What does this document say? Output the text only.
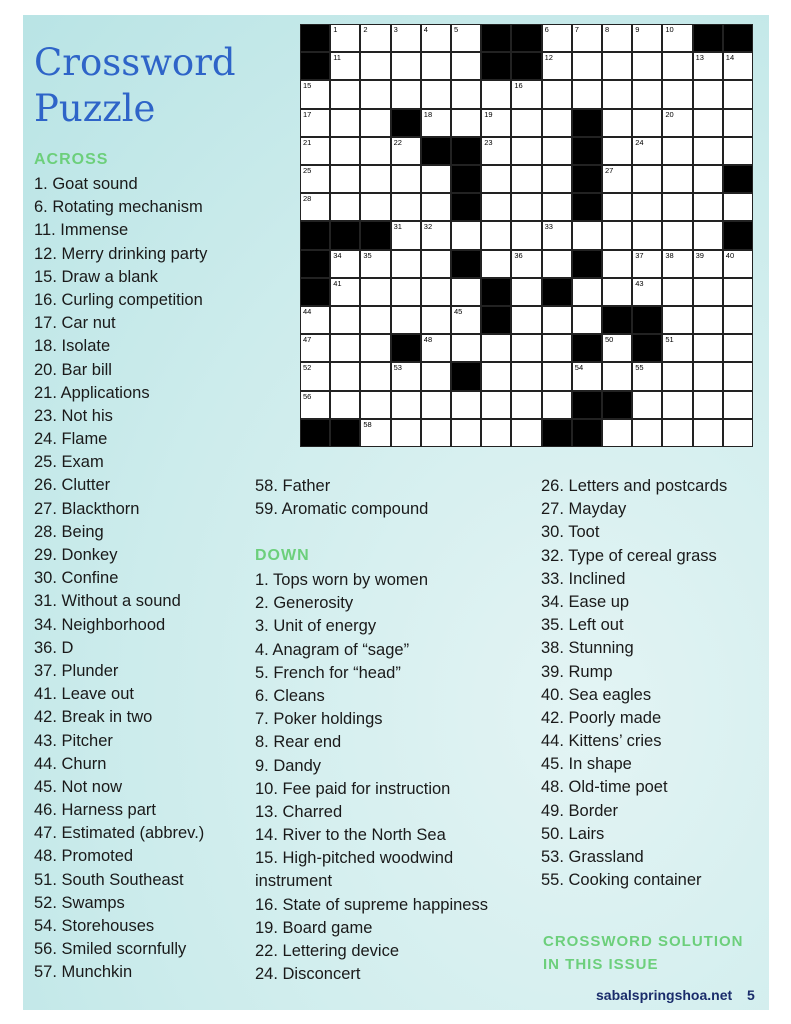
Crossword
Puzzle
1	2	3	4	5	6	7	8	9	10
11	12	13	14
15	16
17	18	19	20
21	22	23	24
25	27
28
31	32	33
34	35	36	37	38	39	40
41	43
44	45
47	48	50	51
52	53	54	55
56
58
ACROSS
1. Goat sound
6. Rotating mechanism
11. Immense
12. Merry drinking party
15. Draw a blank
16. Curling competition
17. Car nut
18. Isolate
20. Bar bill
21. Applications
23. Not his
24. Flame
25. Exam
26. Clutter
27. Blackthorn
28. Being
29. Donkey
30. Confine
31. Without a sound
34. Neighborhood
36. D
37. Plunder
41. Leave out
42. Break in two
43. Pitcher
44. Churn
45. Not now
46. Harness part
47. Estimated (abbrev.)
48. Promoted
51. South Southeast
52. Swamps
54. Storehouses
56. Smiled scornfully
57. Munchkin
58. Father
59. Aromatic compound
DOWN
1. Tops worn by women
2. Generosity
3. Unit of energy
4. Anagram of “sage”
5. French for “head”
6. Cleans
7. Poker holdings
8. Rear end
9. Dandy
10. Fee paid for instruction
13. Charred
14. River to the North Sea
15. High-pitched woodwind instrument
16. State of supreme happiness
19. Board game
22. Lettering device
24. Disconcert
26. Letters and postcards
27. Mayday
30. Toot
32. Type of cereal grass
33. Inclined
34. Ease up
35. Left out
38. Stunning
39. Rump
40. Sea eagles
42. Poorly made
44. Kittens’ cries
45. In shape
48. Old-time poet
49. Border
50. Lairs
53. Grassland
55. Cooking container
CROSSWORD SOLUTION IN THIS ISSUE
sabalspringshoa.net 5
